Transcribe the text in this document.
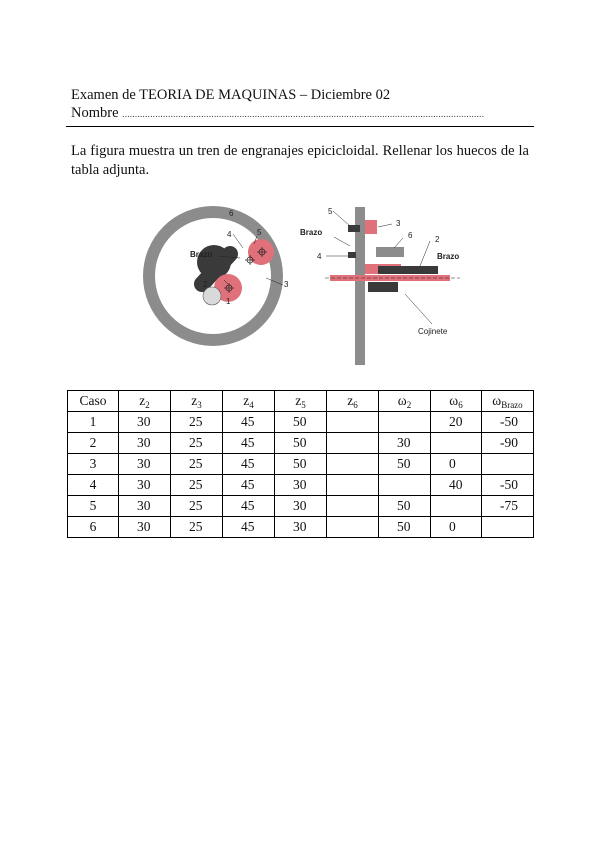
Examen de TEORIA DE MAQUINAS – Diciembre 02
Nombre ..............................................................................................................................................
La figura muestra un tren de engranajes epicicloidal. Rellenar los huecos de la tabla adjunta.
6
4	5
Brazo
2
1
3
5
3
Brazo	6	2
4	Brazo
Cojinete
Caso	$z_2$	$z_3$	$z_4$	$z_5$	$z_6$	$\omega_2$	$\omega_6$	$\omega_{Brazo}$
1	30	25	45	50			20	-50
2	30	25	45	50		30		-90
3	30	25	45	50		50	0	
4	30	25	45	30			40	-50
5	30	25	45	30		50		-75
6	30	25	45	30		50	0	
